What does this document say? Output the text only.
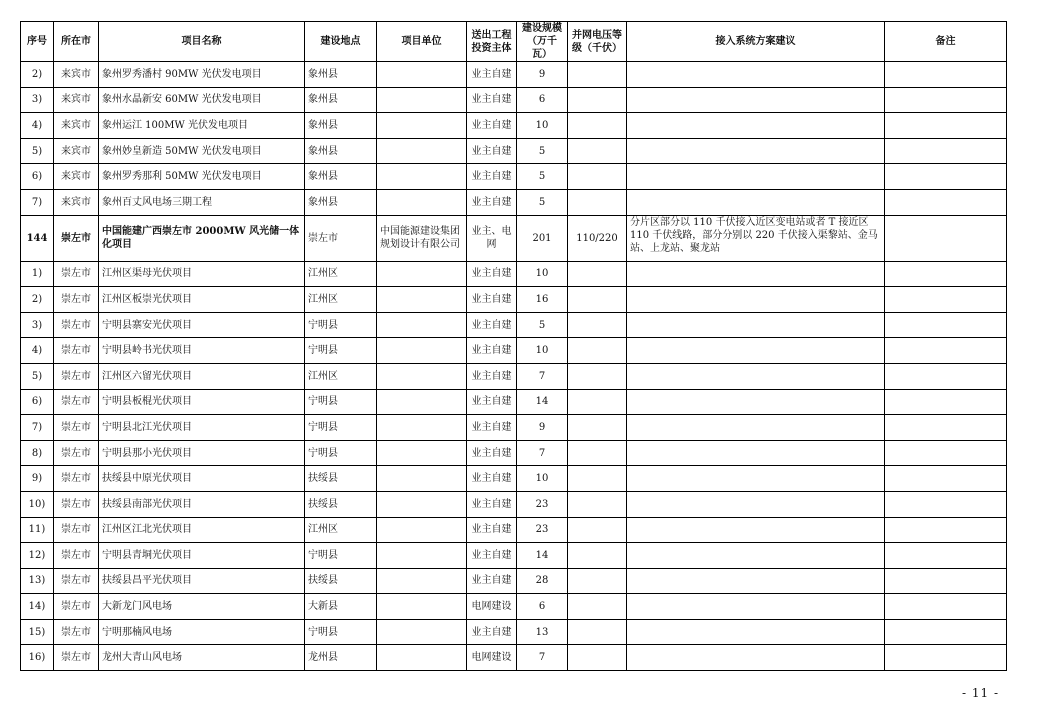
序号	所在市	项目名称	建设地点	项目单位	送出工程投资主体	建设规模（万千瓦）	并网电压等级（千伏）	接入系统方案建议	备注
2)	来宾市	象州罗秀潘村 90MW 光伏发电项目	象州县		业主自建	9			
3)	来宾市	象州水晶新安 60MW 光伏发电项目	象州县		业主自建	6			
4)	来宾市	象州运江 100MW 光伏发电项目	象州县		业主自建	10			
5)	来宾市	象州妙皇新造 50MW 光伏发电项目	象州县		业主自建	5			
6)	来宾市	象州罗秀那利 50MW 光伏发电项目	象州县		业主自建	5			
7)	来宾市	象州百丈风电场三期工程	象州县		业主自建	5			
144	崇左市	中国能建广西崇左市 2000MW 风光储一体化项目	崇左市	中国能源建设集团规划设计有限公司	业主、电网	201	110/220	分片区部分以 110 千伏接入近区变电站或者 T 接近区 110 千伏线路，部分分别以 220 千伏接入渠黎站、金马站、上龙站、聚龙站	
1)	崇左市	江州区渠母光伏项目	江州区		业主自建	10			
2)	崇左市	江州区板崇光伏项目	江州区		业主自建	16			
3)	崇左市	宁明县寨安光伏项目	宁明县		业主自建	5			
4)	崇左市	宁明县岭书光伏项目	宁明县		业主自建	10			
5)	崇左市	江州区六留光伏项目	江州区		业主自建	7			
6)	崇左市	宁明县板棍光伏项目	宁明县		业主自建	14			
7)	崇左市	宁明县北江光伏项目	宁明县		业主自建	9			
8)	崇左市	宁明县那小光伏项目	宁明县		业主自建	7			
9)	崇左市	扶绥县中原光伏项目	扶绥县		业主自建	10			
10)	崇左市	扶绥县南部光伏项目	扶绥县		业主自建	23			
11)	崇左市	江州区江北光伏项目	江州区		业主自建	23			
12)	崇左市	宁明县青垌光伏项目	宁明县		业主自建	14			
13)	崇左市	扶绥县昌平光伏项目	扶绥县		业主自建	28			
14)	崇左市	大新龙门风电场	大新县		电网建设	6			
15)	崇左市	宁明那楠风电场	宁明县		业主自建	13			
16)	崇左市	龙州大青山风电场	龙州县		电网建设	7			
- 11 -
